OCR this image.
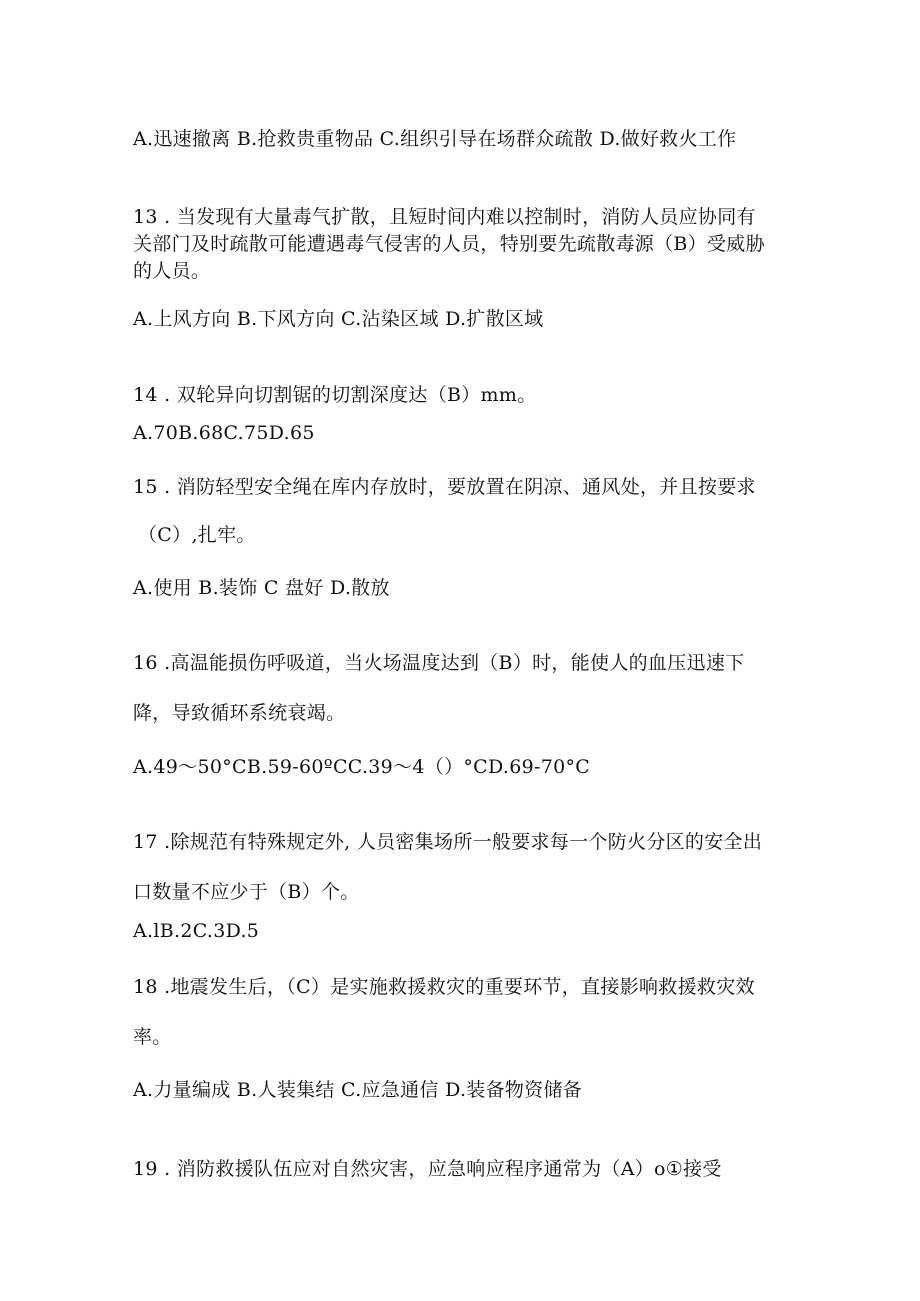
A.迅速撤离 B.抢救贵重物品 C.组织引导在场群众疏散 D.做好救火工作
13 . 当发现有大量毒气扩散，且短时间内难以控制时，消防人员应协同有
关部门及时疏散可能遭遇毒气侵害的人员，特别要先疏散毒源（B）受威胁
的人员。
A.上风方向 B.下风方向 C.沾染区域 D.扩散区域
14 . 双轮异向切割锯的切割深度达（B）mm。
A.70B.68C.75D.65
15 . 消防轻型安全绳在库内存放时，要放置在阴凉、通风处，并且按要求
（C）,扎牢。
A.使用 B.装饰 C 盘好 D.散放
16 .高温能损伤呼吸道，当火场温度达到（B）时，能使人的血压迅速下
降，导致循环系统衰竭。
A.49～50°CB.59-60ºCC.39～4（）°CD.69-70°C
17 .除规范有特殊规定外, 人员密集场所一般要求每一个防火分区的安全出
口数量不应少于（B）个。
A.lB.2C.3D.5
18 .地震发生后，（C）是实施救援救灾的重要环节，直接影响救援救灾效
率。
A.力量编成 B.人装集结 C.应急通信 D.装备物资储备
19 . 消防救援队伍应对自然灾害，应急响应程序通常为（A）o①接受
